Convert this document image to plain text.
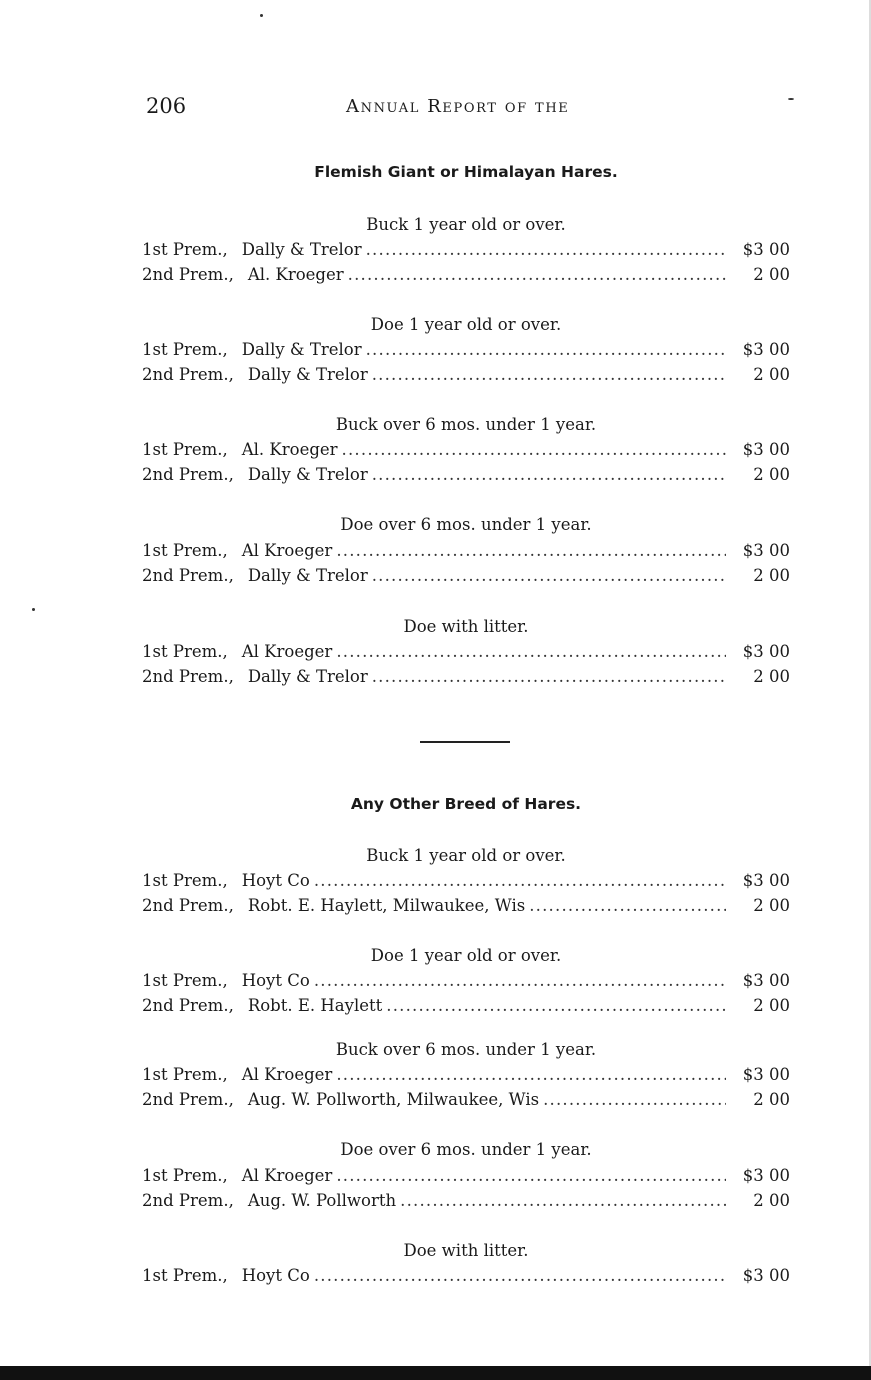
206	Annual Report of the
Flemish Giant or Himalayan Hares.
Buck 1 year old or over.
1st Prem., Dally & Trelor .....	$3 00
2nd Prem., Al. Kroeger .....	2 00
Doe 1 year old or over.
1st Prem., Dally & Trelor .....	$3 00
2nd Prem., Dally & Trelor .....	2 00
Buck over 6 mos. under 1 year.
1st Prem., Al. Kroeger .....	$3 00
2nd Prem., Dally & Trelor .....	2 00
Doe over 6 mos. under 1 year.
1st Prem., Al Kroeger .....	$3 00
2nd Prem., Dally & Trelor .....	2 00
Doe with litter.
1st Prem., Al Kroeger .....	$3 00
2nd Prem., Dally & Trelor .....	2 00
Any Other Breed of Hares.
Buck 1 year old or over.
1st Prem., Hoyt Co .....	$3 00
2nd Prem., Robt. E. Haylett, Milwaukee, Wis .....	2 00
Doe 1 year old or over.
1st Prem., Hoyt Co .....	$3 00
2nd Prem., Robt. E. Haylett .....	2 00
Buck over 6 mos. under 1 year.
1st Prem., Al Kroeger .....	$3 00
2nd Prem., Aug. W. Pollworth, Milwaukee, Wis .....	2 00
Doe over 6 mos. under 1 year.
1st Prem., Al Kroeger .....	$3 00
2nd Prem., Aug. W. Pollworth .....	2 00
Doe with litter.
1st Prem., Hoyt Co .....	$3 00
